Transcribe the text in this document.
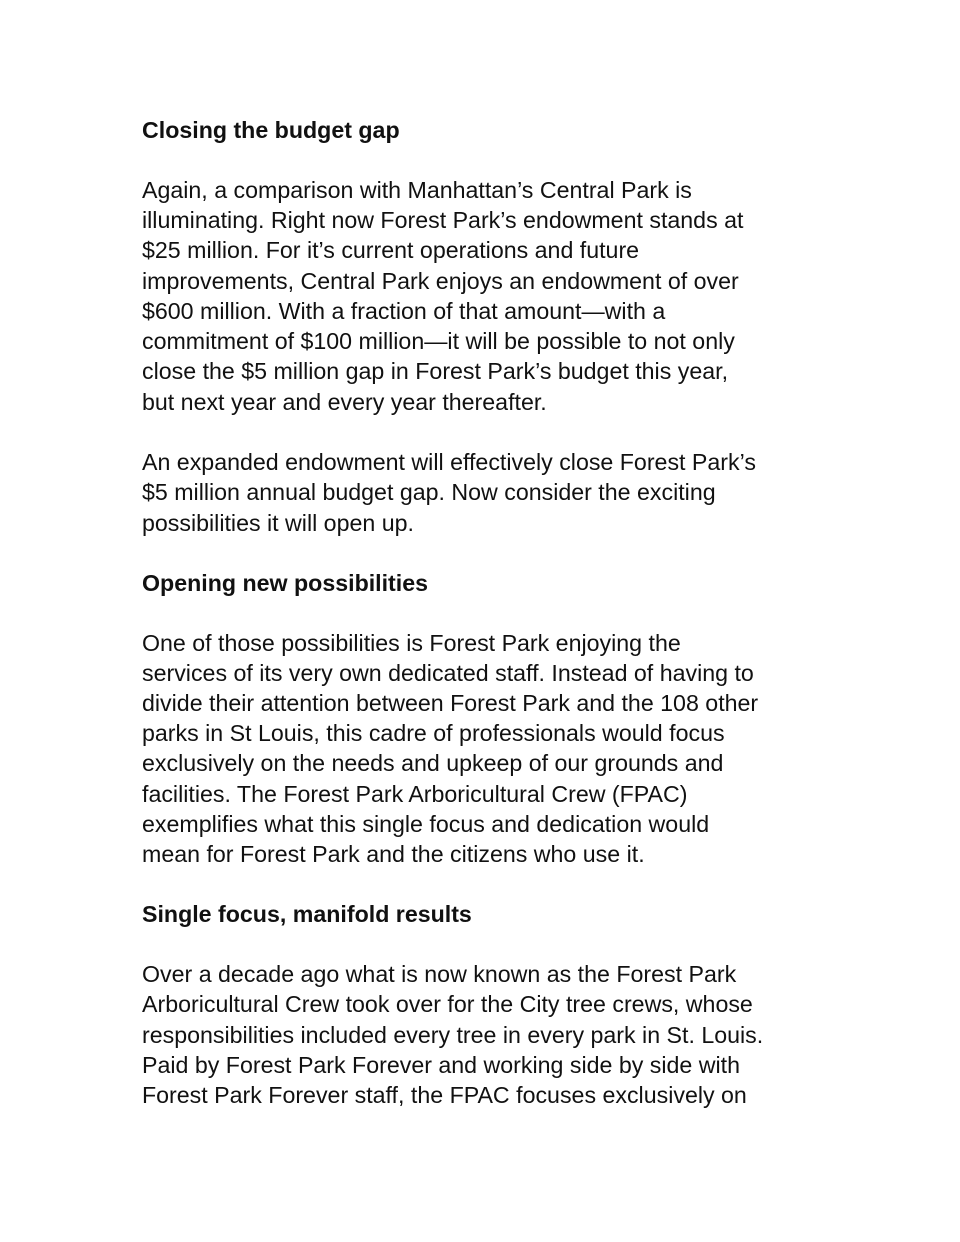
Closing the budget gap
Again, a comparison with Manhattan’s Central Park is
illuminating. Right now Forest Park’s endowment stands at
$25 million. For it’s current operations and future
improvements, Central Park enjoys an endowment of over
$600 million. With a fraction of that amount—with a
commitment of $100 million—it will be possible to not only
close the $5 million gap in Forest Park’s budget this year,
but next year and every year thereafter.
An expanded endowment will effectively close Forest Park’s
$5 million annual budget gap. Now consider the exciting
possibilities it will open up.
Opening new possibilities
One of those possibilities is Forest Park enjoying the
services of its very own dedicated staff. Instead of having to
divide their attention between Forest Park and the 108 other
parks in St Louis, this cadre of professionals would focus
exclusively on the needs and upkeep of our grounds and
facilities. The Forest Park Arboricultural Crew (FPAC)
exemplifies what this single focus and dedication would
mean for Forest Park and the citizens who use it.
Single focus, manifold results
Over a decade ago what is now known as the Forest Park
Arboricultural Crew took over for the City tree crews, whose
responsibilities included every tree in every park in St. Louis.
Paid by Forest Park Forever and working side by side with
Forest Park Forever staff, the FPAC focuses exclusively on
